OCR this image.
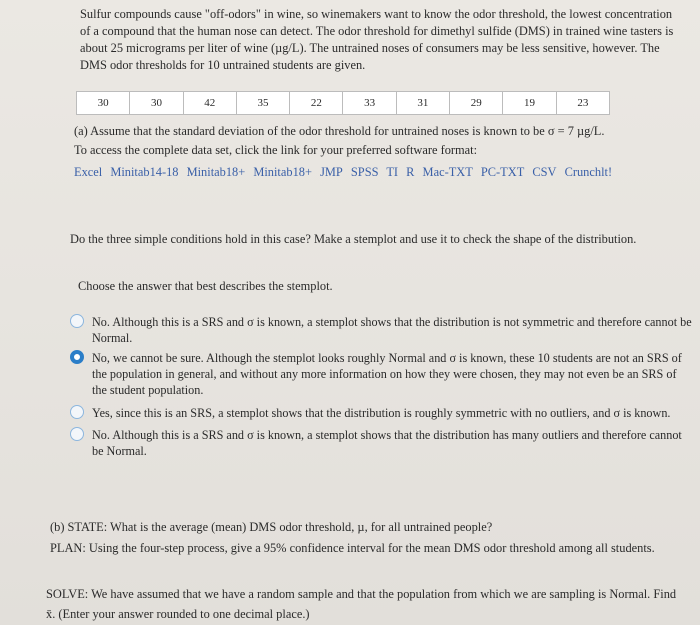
Sulfur compounds cause "off-odors" in wine, so winemakers want to know the odor threshold, the lowest concentration of a compound that the human nose can detect. The odor threshold for dimethyl sulfide (DMS) in trained wine tasters is about 25 micrograms per liter of wine (µg/L). The untrained noses of consumers may be less sensitive, however. The DMS odor thresholds for 10 untrained students are given.

30	30	42	35	22	33	31	29	19	23

(a) Assume that the standard deviation of the odor threshold for untrained noses is known to be σ = 7 µg/L.

To access the complete data set, click the link for your preferred software format:

Excel Minitab14-18 Minitab18+ Minitab18+ JMP SPSS TI R Mac-TXT PC-TXT CSV Crunchlt!

Do the three simple conditions hold in this case? Make a stemplot and use it to check the shape of the distribution.

Choose the answer that best describes the stemplot.

No. Although this is a SRS and σ is known, a stemplot shows that the distribution is not symmetric and therefore cannot be Normal.
No, we cannot be sure. Although the stemplot looks roughly Normal and σ is known, these 10 students are not an SRS of the population in general, and without any more information on how they were chosen, they may not even be an SRS of the student population.
Yes, since this is an SRS, a stemplot shows that the distribution is roughly symmetric with no outliers, and σ is known.
No. Although this is a SRS and σ is known, a stemplot shows that the distribution has many outliers and therefore cannot be Normal.

(b) STATE: What is the average (mean) DMS odor threshold, µ, for all untrained people?

PLAN: Using the four-step process, give a 95% confidence interval for the mean DMS odor threshold among all students.

SOLVE: We have assumed that we have a random sample and that the population from which we are sampling is Normal. Find

x̄. (Enter your answer rounded to one decimal place.)
